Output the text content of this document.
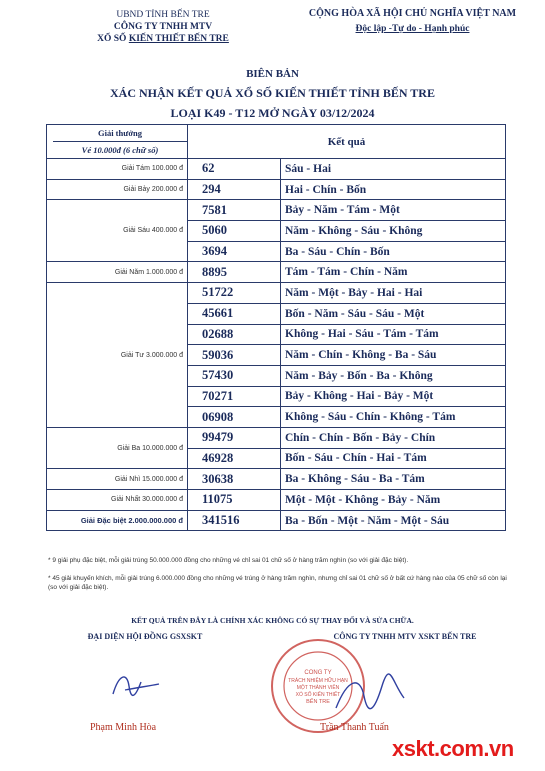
UBND TỈNH BẾN TRE
CÔNG TY TNHH MTV
XỔ SỐ KIẾN THIẾT BẾN TRE
CỘNG HÒA XÃ HỘI CHỦ NGHĨA VIỆT NAM
Độc lập -Tự do - Hạnh phúc
BIÊN BẢN
XÁC NHẬN KẾT QUẢ XỔ SỐ KIẾN THIẾT TỈNH BẾN TRE
LOẠI K49 - T12 MỞ NGÀY 03/12/2024
Giải thưởng
Vé 10.000đ (6 chữ số)	Kết quả	
Giải Tám 100.000 đ	62	Sáu - Hai
Giải Bảy 200.000 đ	294	Hai - Chín - Bốn
Giải Sáu 400.000 đ	7581	Bảy - Năm - Tám - Một
	5060	Năm - Không - Sáu - Không
	3694	Ba - Sáu - Chín - Bốn
Giải Năm 1.000.000 đ	8895	Tám - Tám - Chín - Năm
Giải Tư 3.000.000 đ	51722	Năm - Một - Bảy - Hai - Hai
	45661	Bốn - Năm - Sáu - Sáu - Một
	02688	Không - Hai - Sáu - Tám - Tám
	59036	Năm - Chín - Không - Ba - Sáu
	57430	Năm - Bảy - Bốn - Ba - Không
	70271	Bảy - Không - Hai - Bảy - Một
	06908	Không - Sáu - Chín - Không - Tám
Giải Ba 10.000.000 đ	99479	Chín - Chín - Bốn - Bảy - Chín
	46928	Bốn - Sáu - Chín - Hai - Tám
Giải Nhì 15.000.000 đ	30638	Ba - Không - Sáu - Ba - Tám
Giải Nhất 30.000.000 đ	11075	Một - Một - Không - Bảy - Năm
Giải Đặc biệt 2.000.000.000 đ	341516	Ba - Bốn - Một - Năm - Một - Sáu
* 9 giải phụ đặc biệt, mỗi giải trúng 50.000.000 đồng cho những vé chỉ sai 01 chữ số ở hàng trăm nghìn (so với giải đặc biệt).
* 45 giải khuyến khích, mỗi giải trúng 6.000.000 đồng cho những vé trúng ở hàng trăm nghìn, nhưng chỉ sai 01 chữ số ở bất cứ hàng nào của 05 chữ số còn lại (so với giải đặc biệt).
KẾT QUẢ TRÊN ĐÂY LÀ CHÍNH XÁC KHÔNG CÓ SỰ THAY ĐỔI VÀ SỬA CHỮA.
ĐẠI DIỆN HỘI ĐỒNG GSXSKT	CÔNG TY TNHH MTV XSKT BẾN TRE
CÔNG TY
TRÁCH NHIỆM HỮU HẠN
MỘT THÀNH VIÊN
XỔ SỐ KIẾN THIẾT
BẾN TRE
Phạm Minh Hòa	Trần Thanh Tuấn
xskt.com.vn
